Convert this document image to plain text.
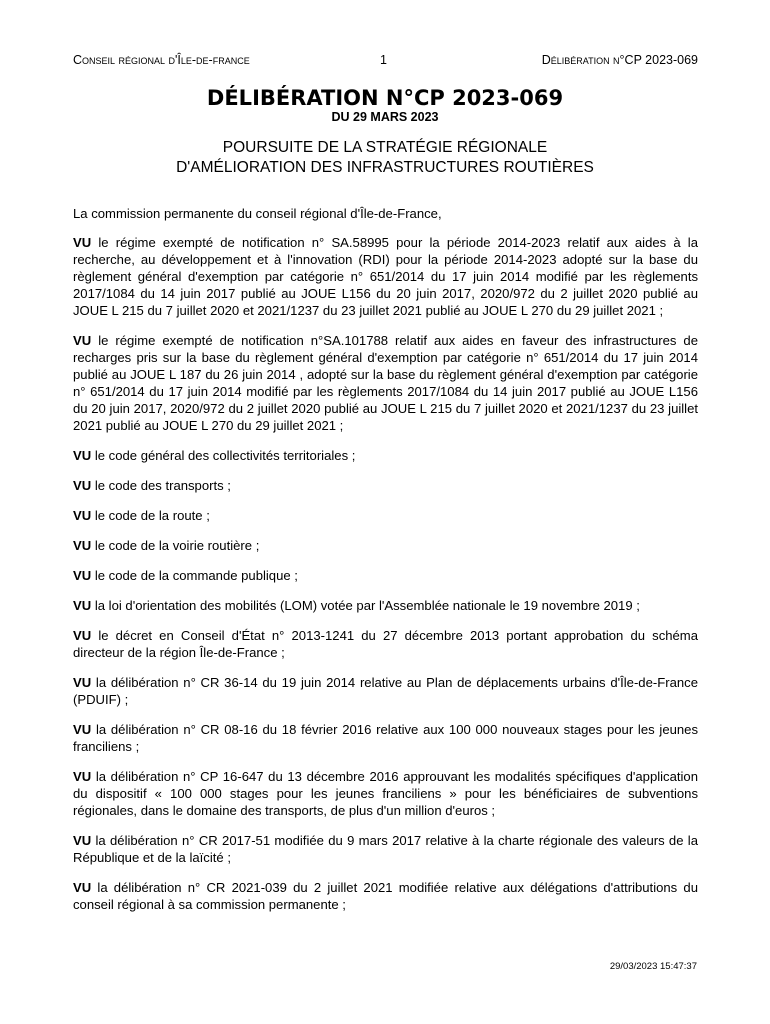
Conseil régional d'Île-de-france	1	Délibération n°CP 2023-069
DÉLIBÉRATION N°CP 2023-069
DU 29 MARS 2023
POURSUITE DE LA STRATÉGIE RÉGIONALE
D'AMÉLIORATION DES INFRASTRUCTURES ROUTIÈRES

La commission permanente du conseil régional d'Île-de-France,

VU le régime exempté de notification n° SA.58995 pour la période 2014-2023 relatif aux aides à la recherche, au développement et à l'innovation (RDI) pour la période 2014-2023 adopté sur la base du règlement général d'exemption par catégorie n° 651/2014 du 17 juin 2014 modifié par les règlements 2017/1084 du 14 juin 2017 publié au JOUE L156 du 20 juin 2017, 2020/972 du 2 juillet 2020 publié au JOUE L 215 du 7 juillet 2020 et 2021/1237 du 23 juillet 2021 publié au JOUE L 270 du 29 juillet 2021 ;

VU le régime exempté de notification n°SA.101788 relatif aux aides en faveur des infrastructures de recharges pris sur la base du règlement général d'exemption par catégorie n° 651/2014 du 17 juin 2014 publié au JOUE L 187 du 26 juin 2014 , adopté sur la base du règlement général d'exemption par catégorie n° 651/2014 du 17 juin 2014 modifié par les règlements 2017/1084 du 14 juin 2017 publié au JOUE L156 du 20 juin 2017, 2020/972 du 2 juillet 2020 publié au JOUE L 215 du 7 juillet 2020 et 2021/1237 du 23 juillet 2021 publié au JOUE L 270 du 29 juillet 2021 ;

VU le code général des collectivités territoriales ;

VU le code des transports ;

VU le code de la route ;

VU le code de la voirie routière ;

VU le code de la commande publique ;

VU la loi d'orientation des mobilités (LOM) votée par l'Assemblée nationale le 19 novembre 2019 ;

VU le décret en Conseil d'État n° 2013-1241 du 27 décembre 2013 portant approbation du schéma directeur de la région Île-de-France ;

VU la délibération n° CR 36-14 du 19 juin 2014 relative au Plan de déplacements urbains d'Île-de-France (PDUIF) ;

VU la délibération n° CR 08-16 du 18 février 2016 relative aux 100 000 nouveaux stages pour les jeunes franciliens ;

VU la délibération n° CP 16-647 du 13 décembre 2016 approuvant les modalités spécifiques d'application du dispositif « 100 000 stages pour les jeunes franciliens » pour les bénéficiaires de subventions régionales, dans le domaine des transports, de plus d'un million d'euros ;

VU la délibération n° CR 2017-51 modifiée du 9 mars 2017 relative à la charte régionale des valeurs de la République et de la laïcité ;

VU la délibération n° CR 2021-039 du 2 juillet 2021 modifiée relative aux délégations d'attributions du conseil régional à sa commission permanente ;

29/03/2023 15:47:37
